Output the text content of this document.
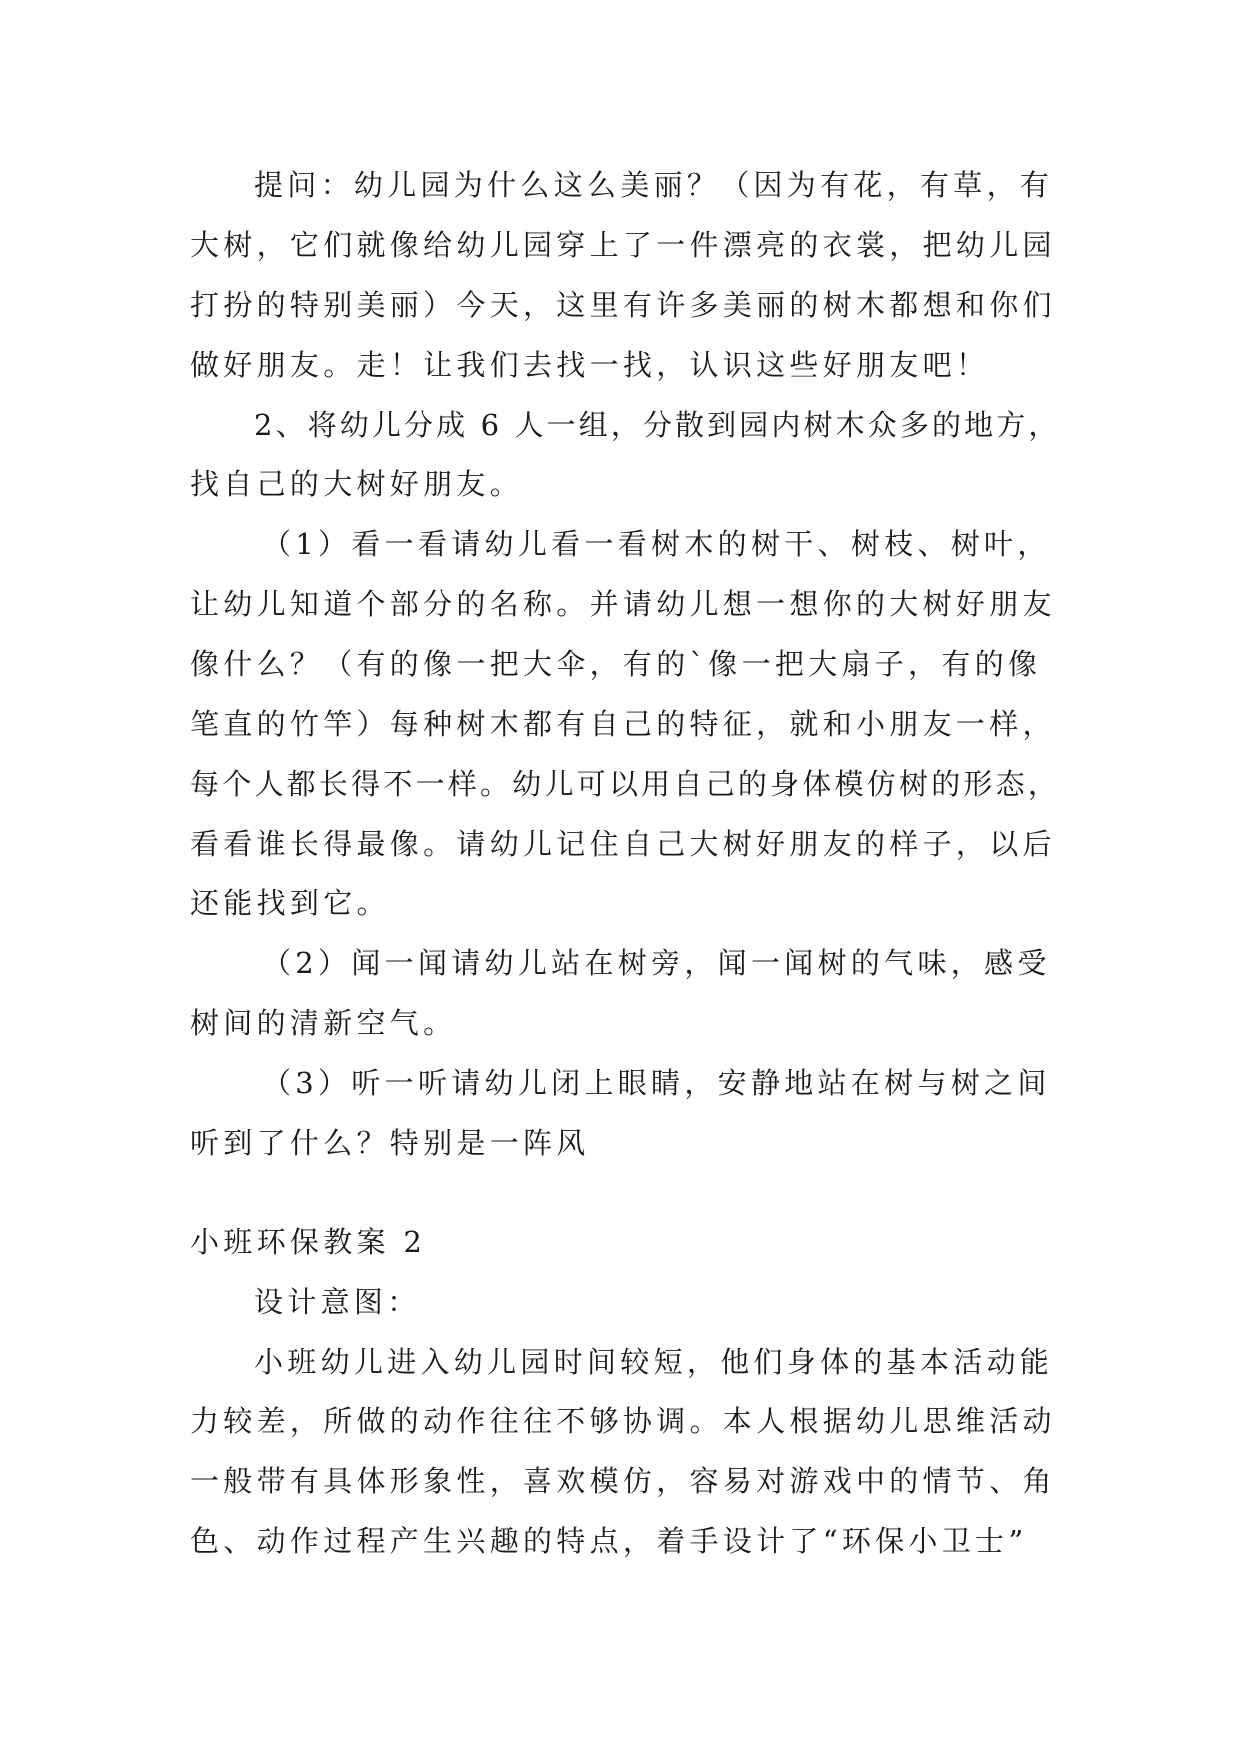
提问：幼儿园为什么这么美丽？（因为有花，有草，有
大树，它们就像给幼儿园穿上了一件漂亮的衣裳，把幼儿园
打扮的特别美丽）今天，这里有许多美丽的树木都想和你们
做好朋友。走！让我们去找一找，认识这些好朋友吧！
2、将幼儿分成 6 人一组，分散到园内树木众多的地方，
找自己的大树好朋友。
（1）看一看请幼儿看一看树木的树干、树枝、树叶，
让幼儿知道个部分的名称。并请幼儿想一想你的大树好朋友
像什么？（有的像一把大伞，有的`像一把大扇子，有的像
笔直的竹竿）每种树木都有自己的特征，就和小朋友一样，
每个人都长得不一样。幼儿可以用自己的身体模仿树的形态，
看看谁长得最像。请幼儿记住自己大树好朋友的样子，以后
还能找到它。
（2）闻一闻请幼儿站在树旁，闻一闻树的气味，感受
树间的清新空气。
（3）听一听请幼儿闭上眼睛，安静地站在树与树之间
听到了什么？特别是一阵风
小班环保教案 2
设计意图：
小班幼儿进入幼儿园时间较短，他们身体的基本活动能
力较差，所做的动作往往不够协调。本人根据幼儿思维活动
一般带有具体形象性，喜欢模仿，容易对游戏中的情节、角
色、动作过程产生兴趣的特点，着手设计了“环保小卫士”
